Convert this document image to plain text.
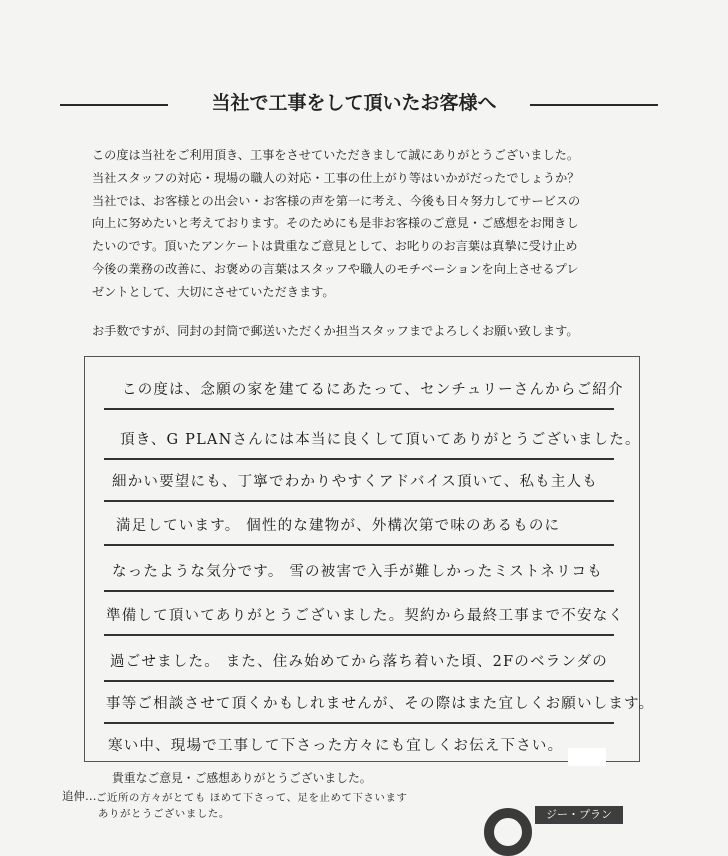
当社で工事をして頂いたお客様へ
この度は当社をご利用頂き、工事をさせていただきまして誠にありがとうございました。
当社スタッフの対応・現場の職人の対応・工事の仕上がり等はいかがだったでしょうか？
当社では、お客様との出会い・お客様の声を第一に考え、今後も日々努力してサービスの
向上に努めたいと考えております。そのためにも是非お客様のご意見・ご感想をお聞きし
たいのです。頂いたアンケートは貴重なご意見として、お叱りのお言葉は真摯に受け止め
今後の業務の改善に、お褒めの言葉はスタッフや職人のモチベーションを向上させるプレ
ゼントとして、大切にさせていただきます。
お手数ですが、同封の封筒で郵送いただくか担当スタッフまでよろしくお願い致します。
この度は、念願の家を建てるにあたって、センチュリーさんからご紹介
頂き、G PLANさんには本当に良くして頂いてありがとうございました。
細かい要望にも、丁寧でわかりやすくアドバイス頂いて、私も主人も
満足しています。 個性的な建物が、外構次第で味のあるものに
なったような気分です。 雪の被害で入手が難しかったミストネリコも
準備して頂いてありがとうございました。契約から最終工事まで不安なく
過ごせました。 また、住み始めてから落ち着いた頃、2Fのベランダの
事等ご相談させて頂くかもしれませんが、その際はまた宜しくお願いします。
寒い中、現場で工事して下さった方々にも宜しくお伝え下さい。
貴重なご意見・ご感想ありがとうございました。
追伸… ご近所の方々がとても ほめて下さって、足を止めて下さいます
ありがとうございました。	ジー・プラン
